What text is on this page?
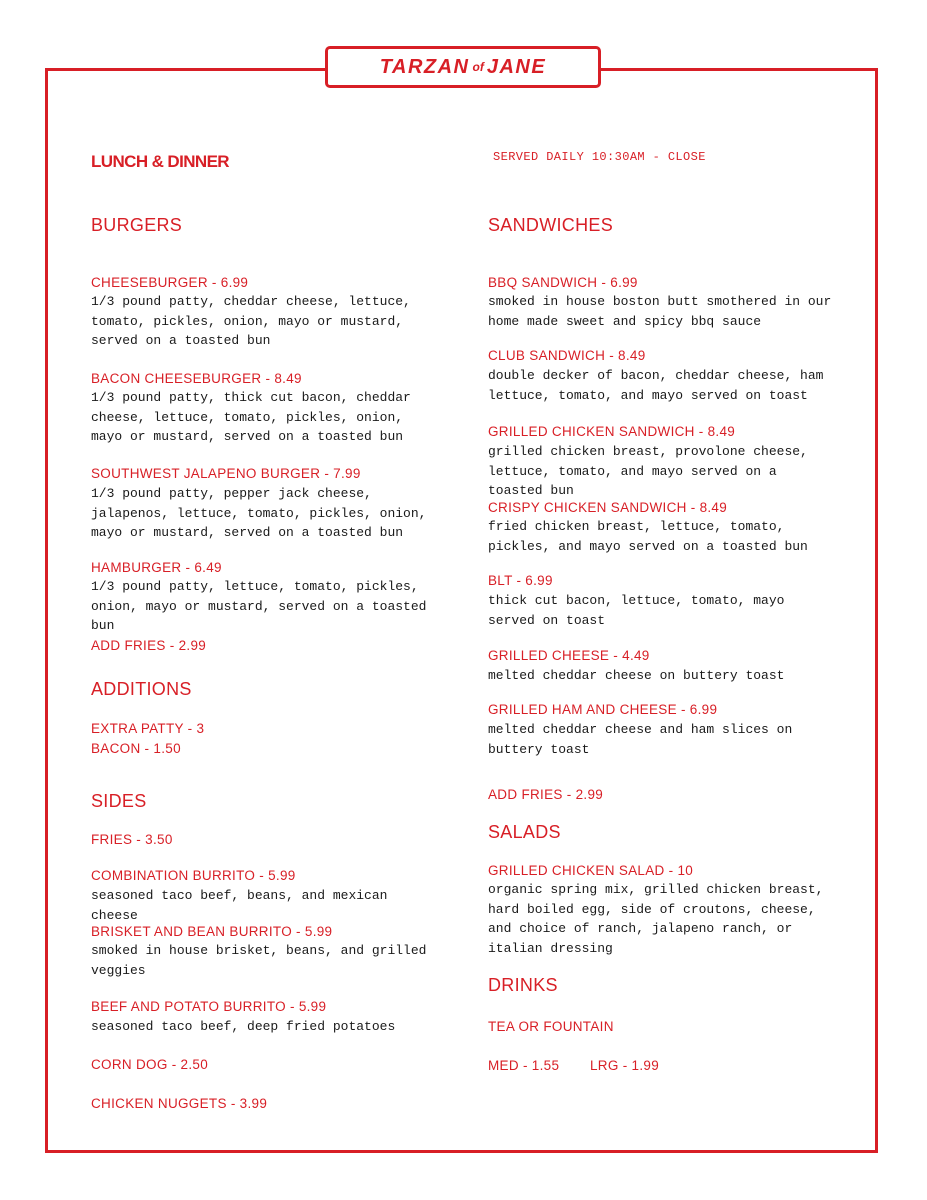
TARZAN of JANE
LUNCH & DINNER	SERVED DAILY 10:30AM - CLOSE
BURGERS
CHEESEBURGER - 6.99
1/3 pound patty, cheddar cheese, lettuce, tomato, pickles, onion, mayo or mustard, served on a toasted bun
BACON CHEESEBURGER - 8.49
1/3 pound patty, thick cut bacon, cheddar cheese, lettuce, tomato, pickles, onion, mayo or mustard, served on a toasted bun
SOUTHWEST JALAPENO BURGER - 7.99
1/3 pound patty, pepper jack cheese, jalapenos, lettuce, tomato, pickles, onion, mayo or mustard, served on a toasted bun
HAMBURGER - 6.49
1/3 pound patty, lettuce, tomato, pickles, onion, mayo or mustard, served on a toasted bun
ADD FRIES - 2.99
ADDITIONS
EXTRA PATTY - 3
BACON - 1.50
SIDES
FRIES - 3.50
COMBINATION BURRITO - 5.99
seasoned taco beef, beans, and mexican cheese
BRISKET AND BEAN BURRITO - 5.99
smoked in house brisket, beans, and grilled veggies
BEEF AND POTATO BURRITO - 5.99
seasoned taco beef, deep fried potatoes
CORN DOG - 2.50
CHICKEN NUGGETS - 3.99
SANDWICHES
BBQ SANDWICH - 6.99
smoked in house boston butt smothered in our home made sweet and spicy bbq sauce
CLUB SANDWICH - 8.49
double decker of bacon, cheddar cheese, ham lettuce, tomato, and mayo served on toast
GRILLED CHICKEN SANDWICH - 8.49
grilled chicken breast, provolone cheese, lettuce, tomato, and mayo served on a toasted bun
CRISPY CHICKEN SANDWICH - 8.49
fried chicken breast, lettuce, tomato, pickles, and mayo served on a toasted bun
BLT - 6.99
thick cut bacon, lettuce, tomato, mayo served on toast
GRILLED CHEESE - 4.49
melted cheddar cheese on buttery toast
GRILLED HAM AND CHEESE - 6.99
melted cheddar cheese and ham slices on buttery toast
ADD FRIES - 2.99
SALADS
GRILLED CHICKEN SALAD - 10
organic spring mix, grilled chicken breast, hard boiled egg, side of croutons, cheese, and choice of ranch, jalapeno ranch, or italian dressing
DRINKS
TEA OR FOUNTAIN
MED - 1.55 LRG - 1.99
